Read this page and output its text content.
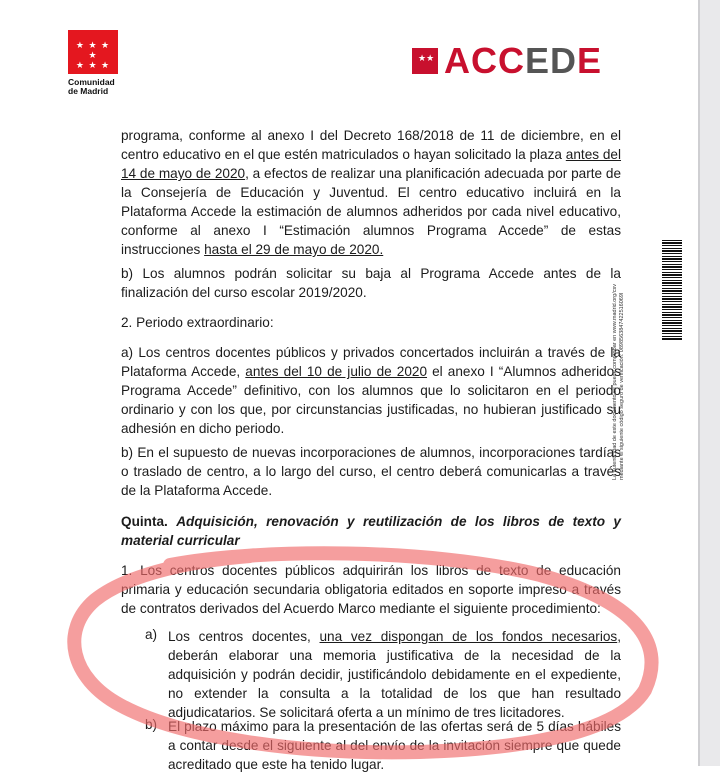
★ ★ ★ ★
★ ★ ★
Comunidad de Madrid
★★ ACCEDE

programa, conforme al anexo I del Decreto 168/2018 de 11 de diciembre, en el centro educativo en el que estén matriculados o hayan solicitado la plaza antes del 14 de mayo de 2020, a efectos de realizar una planificación adecuada por parte de la Consejería de Educación y Juventud. El centro educativo incluirá en la Plataforma Accede la estimación de alumnos adheridos por cada nivel educativo, conforme al anexo I “Estimación alumnos Programa Accede” de estas instrucciones hasta el 29 de mayo de 2020.

b) Los alumnos podrán solicitar su baja al Programa Accede antes de la finalización del curso escolar 2019/2020.

2. Periodo extraordinario:

a) Los centros docentes públicos y privados concertados incluirán a través de la Plataforma Accede, antes del 10 de julio de 2020 el anexo I “Alumnos adheridos Programa Accede” definitivo, con los alumnos que lo solicitaron en el periodo ordinario y con los que, por circunstancias justificadas, no hubieran justificado su adhesión en dicho periodo.

b) En el supuesto de nuevas incorporaciones de alumnos, incorporaciones tardías o traslado de centro, a lo largo del curso, el centro deberá comunicarlas a través de la Plataforma Accede.

Quinta. Adquisición, renovación y reutilización de los libros de texto y material curricular

1. Los centros docentes públicos adquirirán los libros de texto de educación primaria y educación secundaria obligatoria editados en soporte impreso a través de contratos derivados del Acuerdo Marco mediante el siguiente procedimiento:

a) Los centros docentes, una vez dispongan de los fondos necesarios, deberán elaborar una memoria justificativa de la necesidad de la adquisición y podrán decidir, justificándolo debidamente en el expediente, no extender la consulta a la totalidad de los que han resultado adjudicatarios. Se solicitará oferta a un mínimo de tres licitadores.

b) El plazo máximo para la presentación de las ofertas será de 5 días hábiles a contar desde el siguiente al del envío de la invitación siempre que quede acreditado que este ha tenido lugar.

La autenticidad de este documento se puede comprobar en www.madrid.org/csv mediante el siguiente código seguro de verificación: 0898563847422516069I
